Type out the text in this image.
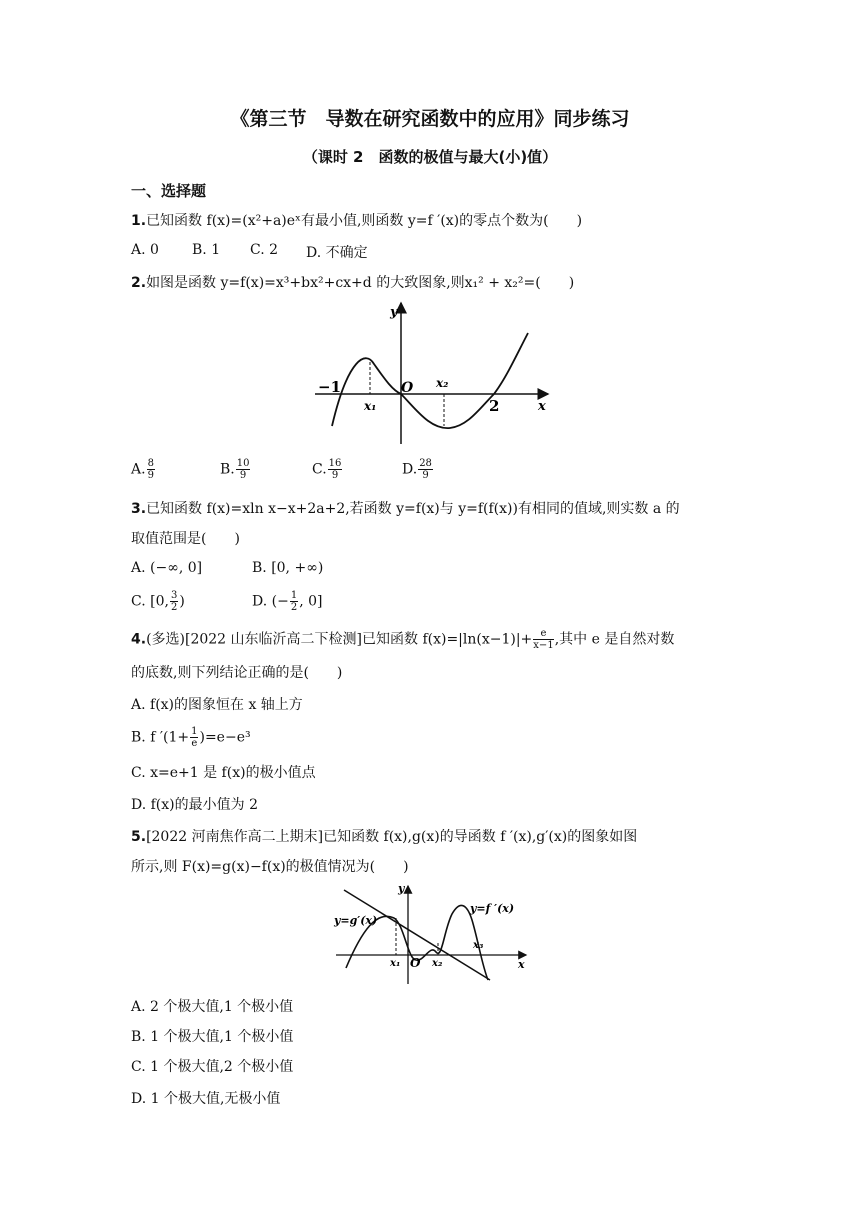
《第三节　导数在研究函数中的应用》同步练习
（课时 2　函数的极值与最大(小)值）
一、选择题
1.已知函数 f(x)=(x²+a)eˣ有最小值,则函数 y=f ′(x)的零点个数为(　　)
A. 0 B. 1 C. 2 D. 不确定
2.如图是函数 y=f(x)=x³+bx²+cx+d 的大致图象,则x₁² + x₂²=(　　)
y
x
−1	O
x₁
x₂
2
A. $\frac{8}{9}$	B. $\frac{10}{9}$	C. $\frac{16}{9}$	D. $\frac{28}{9}$
3.已知函数 f(x)=xln x−x+2a+2,若函数 y=f(x)与 y=f(f(x))有相同的值域,则实数 a 的
取值范围是(　　)
A. (−∞, 0]	B. [0, +∞)
C. [0, $\frac{3}{2}$ )	D. (− $\frac{1}{2}$ , 0]
4.(多选)[2022 山东临沂高二下检测]已知函数 $f(x)=|\ln(x-1)|+ \frac{e}{x-1}$ ,其中 e 是自然对数
的底数,则下列结论正确的是(　　)
A. f(x)的图象恒在 x 轴上方
B. f $'(1+ \frac{1}{e} )=e-e^3$
C. x=e+1 是 f(x)的极小值点
D. f(x)的最小值为 2
5.[2022 河南焦作高二上期末]已知函数 f(x),g(x)的导函数 f ′(x),g′(x)的图象如图
所示,则 F(x)=g(x)−f(x)的极值情况为(　　)
y
x
y=g′(x)
y=f ′(x)
O
x₁	x₂
x₃
A. 2 个极大值,1 个极小值
B. 1 个极大值,1 个极小值
C. 1 个极大值,2 个极小值
D. 1 个极大值,无极小值
